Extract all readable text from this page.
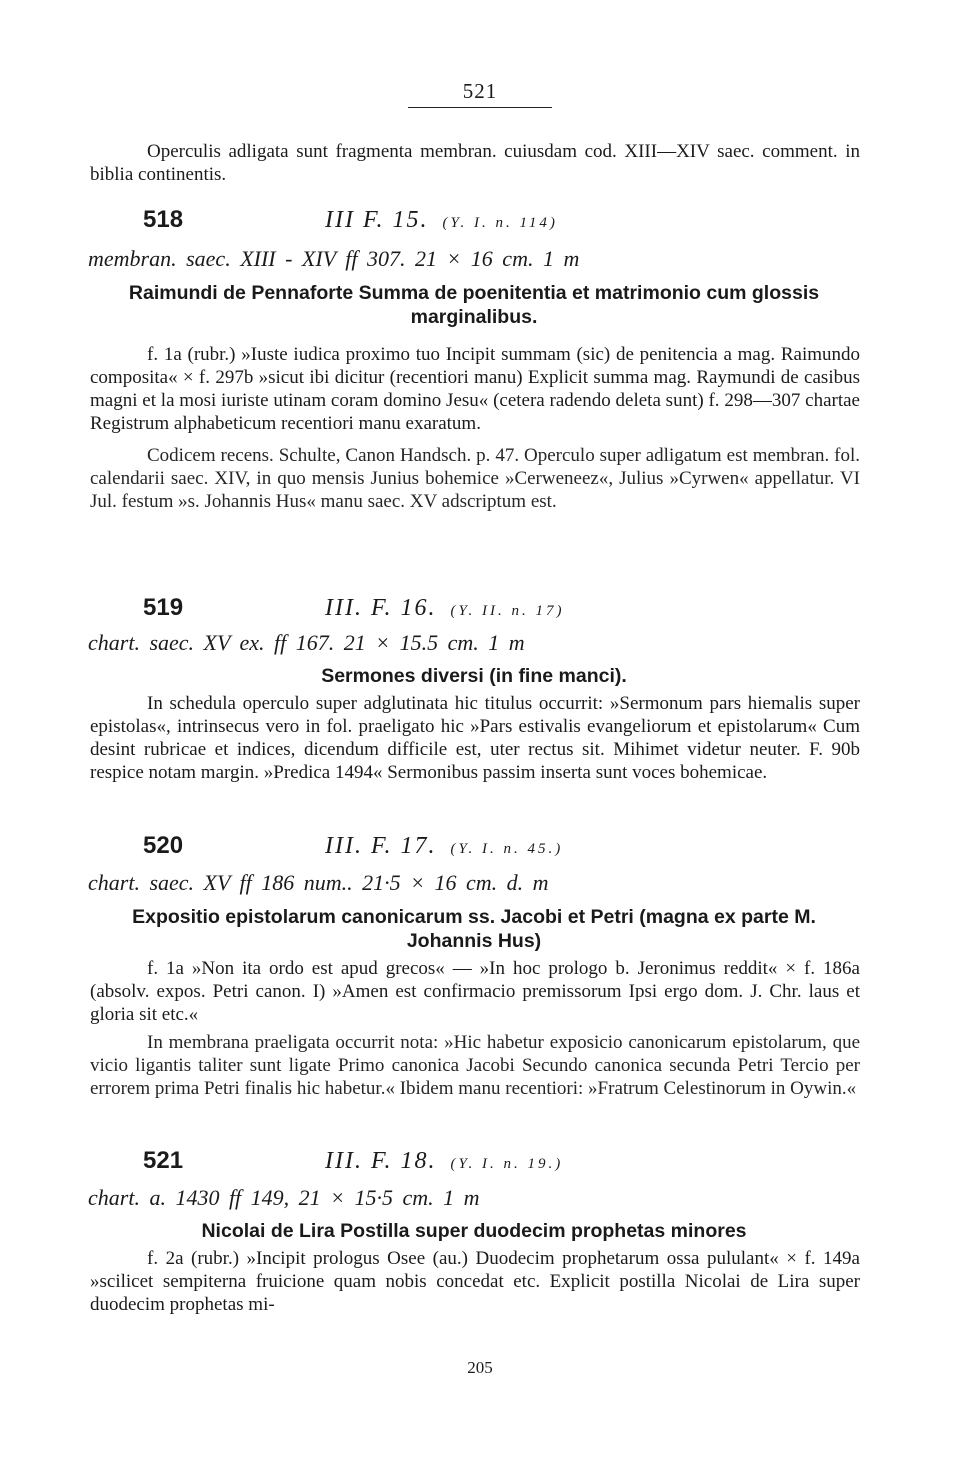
521

Operculis adligata sunt fragmenta membran. cuiusdam cod. XIII—XIV saec. comment. in biblia continentis.

518	III F. 15. (Y. I. n. 114)
membran. saec. XIII - XIV ff 307. 21 × 16 cm. 1 m
Raimundi de Pennaforte Summa de poenitentia et matrimonio cum glossis marginalibus.

f. 1a (rubr.) »Iuste iudica proximo tuo Incipit summam (sic) de penitencia a mag. Raimundo composita« × f. 297b »sicut ibi dicitur (recentiori manu) Explicit summa mag. Raymundi de casibus magni et la mosi iuriste utinam coram domino Jesu« (cetera radendo deleta sunt) f. 298—307 chartae Registrum alphabeticum recentiori manu exaratum.

Codicem recens. Schulte, Canon Handsch. p. 47. Operculo super adligatum est membran. fol. calendarii saec. XIV, in quo mensis Junius bohemice »Cerweneez«, Julius »Cyrwen« appellatur. VI Jul. festum »s. Johannis Hus« manu saec. XV adscriptum est.

519	III. F. 16. (Y. II. n. 17)
chart. saec. XV ex. ff 167. 21 × 15.5 cm. 1 m
Sermones diversi (in fine manci).

In schedula operculo super adglutinata hic titulus occurrit: »Sermonum pars hiemalis super epistolas«, intrinsecus vero in fol. praeligato hic »Pars estivalis evangeliorum et epistolarum« Cum desint rubricae et indices, dicendum difficile est, uter rectus sit. Mihimet videtur neuter. F. 90b respice notam margin. »Predica 1494« Sermonibus passim inserta sunt voces bohemicae.

520	III. F. 17. (Y. I. n. 45.)
chart. saec. XV ff 186 num.. 21·5 × 16 cm. d. m
Expositio epistolarum canonicarum ss. Jacobi et Petri (magna ex parte M. Johannis Hus)

f. 1a »Non ita ordo est apud grecos« — »In hoc prologo b. Jeronimus reddit« × f. 186a (absolv. expos. Petri canon. I) »Amen est confirmacio premissorum Ipsi ergo dom. J. Chr. laus et gloria sit etc.«

In membrana praeligata occurrit nota: »Hic habetur exposicio canonicarum epistolarum, que vicio ligantis taliter sunt ligate Primo canonica Jacobi Secundo canonica secunda Petri Tercio per errorem prima Petri finalis hic habetur.« Ibidem manu recentiori: »Fratrum Celestinorum in Oywin.«

521	III. F. 18. (Y. I. n. 19.)
chart. a. 1430 ff 149, 21 × 15·5 cm. 1 m
Nicolai de Lira Postilla super duodecim prophetas minores

f. 2a (rubr.) »Incipit prologus Osee (au.) Duodecim prophetarum ossa pululant« × f. 149a »scilicet sempiterna fruicione quam nobis concedat etc. Explicit postilla Nicolai de Lira super duodecim prophetas mi-

205
